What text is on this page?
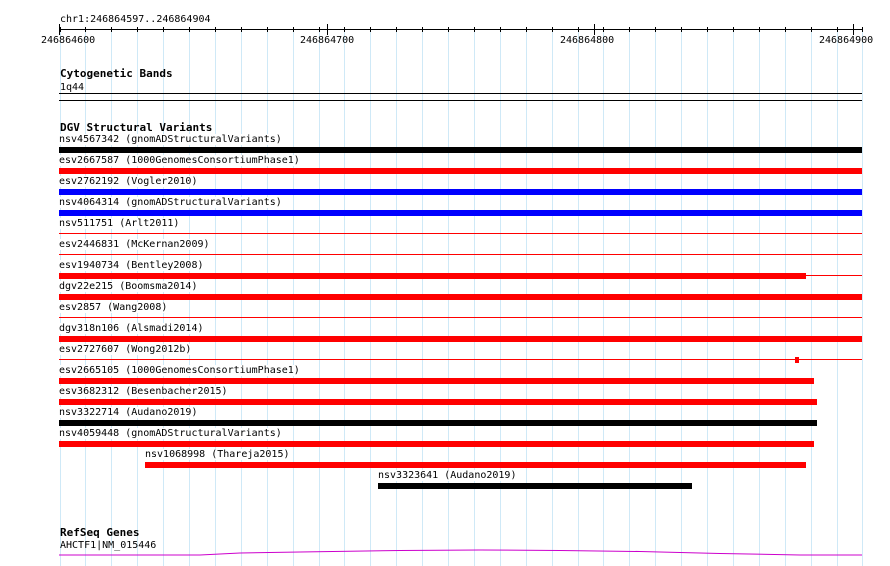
chr1:246864597..246864904
246864600	246864700	246864800	246864900
Cytogenetic Bands
1q44
DGV Structural Variants
nsv4567342 (gnomADStructuralVariants)
esv2667587 (1000GenomesConsortiumPhase1)
esv2762192 (Vogler2010)
nsv4064314 (gnomADStructuralVariants)
nsv511751 (Arlt2011)
esv2446831 (McKernan2009)
esv1940734 (Bentley2008)
dgv22e215 (Boomsma2014)
esv2857 (Wang2008)
dgv318n106 (Alsmadi2014)
esv2727607 (Wong2012b)
esv2665105 (1000GenomesConsortiumPhase1)
esv3682312 (Besenbacher2015)
nsv3322714 (Audano2019)
nsv4059448 (gnomADStructuralVariants)
nsv1068998 (Thareja2015)
nsv3323641 (Audano2019)
RefSeq Genes
AHCTF1|NM_015446
